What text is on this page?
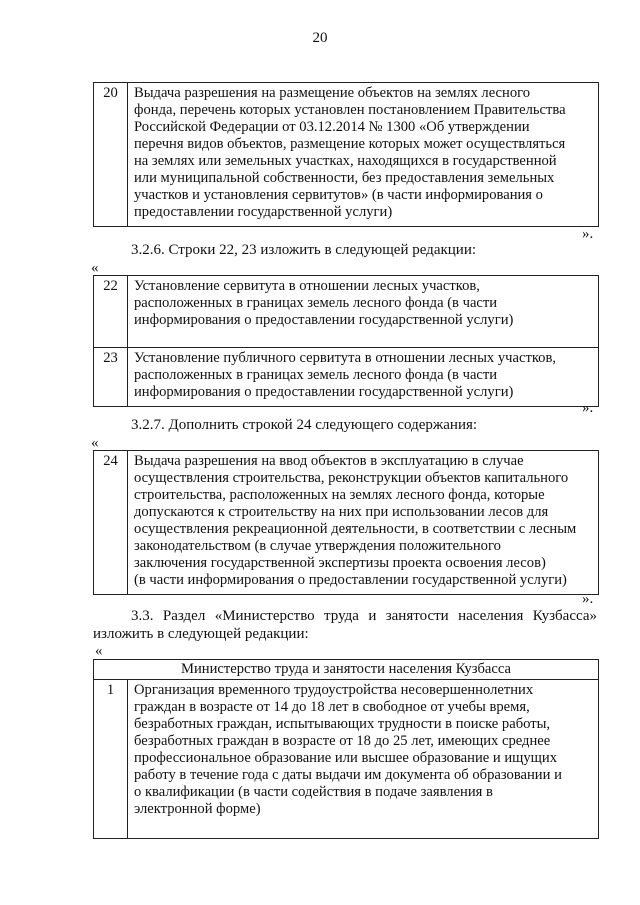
20
20	Выдача разрешения на размещение объектов на землях лесного
фонда, перечень которых установлен постановлением Правительства
Российской Федерации от 03.12.2014 № 1300 «Об утверждении
перечня видов объектов, размещение которых может осуществляться
на землях или земельных участках, находящихся в государственной
или муниципальной собственности, без предоставления земельных
участков и установления сервитутов» (в части информирования о
предоставлении государственной услуги)
».
3.2.6. Строки 22, 23 изложить в следующей редакции:
«
22	Установление сервитута в отношении лесных участков,
расположенных в границах земель лесного фонда (в части
информирования о предоставлении государственной услуги)

23	Установление публичного сервитута в отношении лесных участков,
расположенных в границах земель лесного фонда (в части
информирования о предоставлении государственной услуги)
».
3.2.7. Дополнить строкой 24 следующего содержания:
«
24	Выдача разрешения на ввод объектов в эксплуатацию в случае
осуществления строительства, реконструкции объектов капитального
строительства, расположенных на землях лесного фонда, которые
допускаются к строительству на них при использовании лесов для
осуществления рекреационной деятельности, в соответствии с лесным
законодательством (в случае утверждения положительного
заключения государственной экспертизы проекта освоения лесов)
(в части информирования о предоставлении государственной услуги)
».
3.3. Раздел «Министерство труда и занятости населения Кузбасса»
изложить в следующей редакции:
«
Министерство труда и занятости населения Кузбасса
1	Организация временного трудоустройства несовершеннолетних
граждан в возрасте от 14 до 18 лет в свободное от учебы время,
безработных граждан, испытывающих трудности в поиске работы,
безработных граждан в возрасте от 18 до 25 лет, имеющих среднее
профессиональное образование или высшее образование и ищущих
работу в течение года с даты выдачи им документа об образовании и
о квалификации (в части содействия в подаче заявления в
электронной форме)
